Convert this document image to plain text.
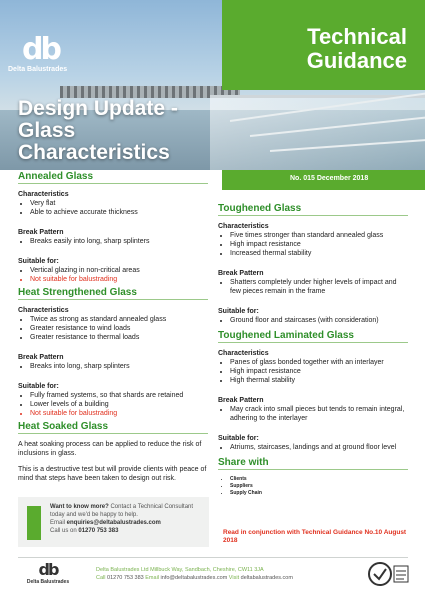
db
Delta Balustrades
Technical
Guidance
Design Update - Glass Characteristics
No. 015 December 2018
Annealed Glass
Characteristics
• Very flat
• Able to achieve accurate thickness
Break Pattern
• Breaks easily into long, sharp splinters
Suitable for:
• Vertical glazing in non-critical areas
• Not suitable for balustrading
Heat Strengthened Glass
Characteristics
• Twice as strong as standard annealed glass
• Greater resistance to wind loads
• Greater resistance to thermal loads
Break Pattern
• Breaks into long, sharp splinters
Suitable for:
• Fully framed systems, so that shards are retained
• Lower levels of a building
• Not suitable for balustrading
Heat Soaked Glass

A heat soaking process can be applied to reduce the risk of inclusions in glass.

This is a destructive test but will provide clients with peace of mind that steps have been taken to design out risk.

Want to know more? Contact a Technical Consultant today and we'd be happy to help.
Email enquiries@deltabalustrades.com
Call us on 01270 753 383
Toughened Glass
Characteristics
• Five times stronger than standard annealed glass
• High impact resistance
• Increased thermal stability
Break Pattern
• Shatters completely under higher levels of impact and few pieces remain in the frame
Suitable for:
• Ground floor and staircases (with consideration)
Toughened Laminated Glass
Characteristics
• Panes of glass bonded together with an interlayer
• High impact resistance
• High thermal stability
Break Pattern
• May crack into small pieces but tends to remain integral, adhering to the interlayer
Suitable for:
• Atriums, staircases, landings and at ground floor level
Share with
• Clients
• Suppliers
• Supply Chain
Read in conjunction with Technical Guidance No.10 August 2018
db
Delta Balustrades
Delta Balustrades Ltd Millbuck Way, Sandbach, Cheshire, CW11 3JA
Call 01270 753 383 Email info@deltabalustrades.com Visit deltabalustrades.com
